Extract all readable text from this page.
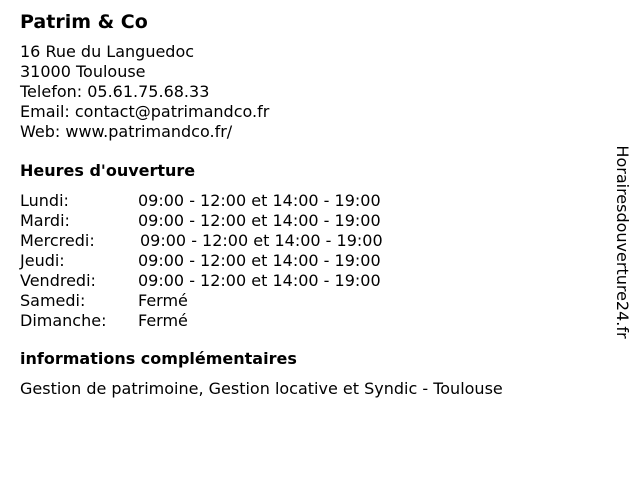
Patrim & Co
16 Rue du Languedoc
31000 Toulouse
Telefon: 05.61.75.68.33
Email: contact@patrimandco.fr
Web: www.patrimandco.fr/
Heures d'ouverture
Lundi:	09:00 - 12:00 et 14:00 - 19:00
Mardi:	09:00 - 12:00 et 14:00 - 19:00
Mercredi:	09:00 - 12:00 et 14:00 - 19:00
Jeudi:	09:00 - 12:00 et 14:00 - 19:00
Vendredi:	09:00 - 12:00 et 14:00 - 19:00
Samedi:	Fermé
Dimanche:	Fermé
informations complémentaires
Gestion de patrimoine, Gestion locative et Syndic - Toulouse
Horairesdouverture24.fr
